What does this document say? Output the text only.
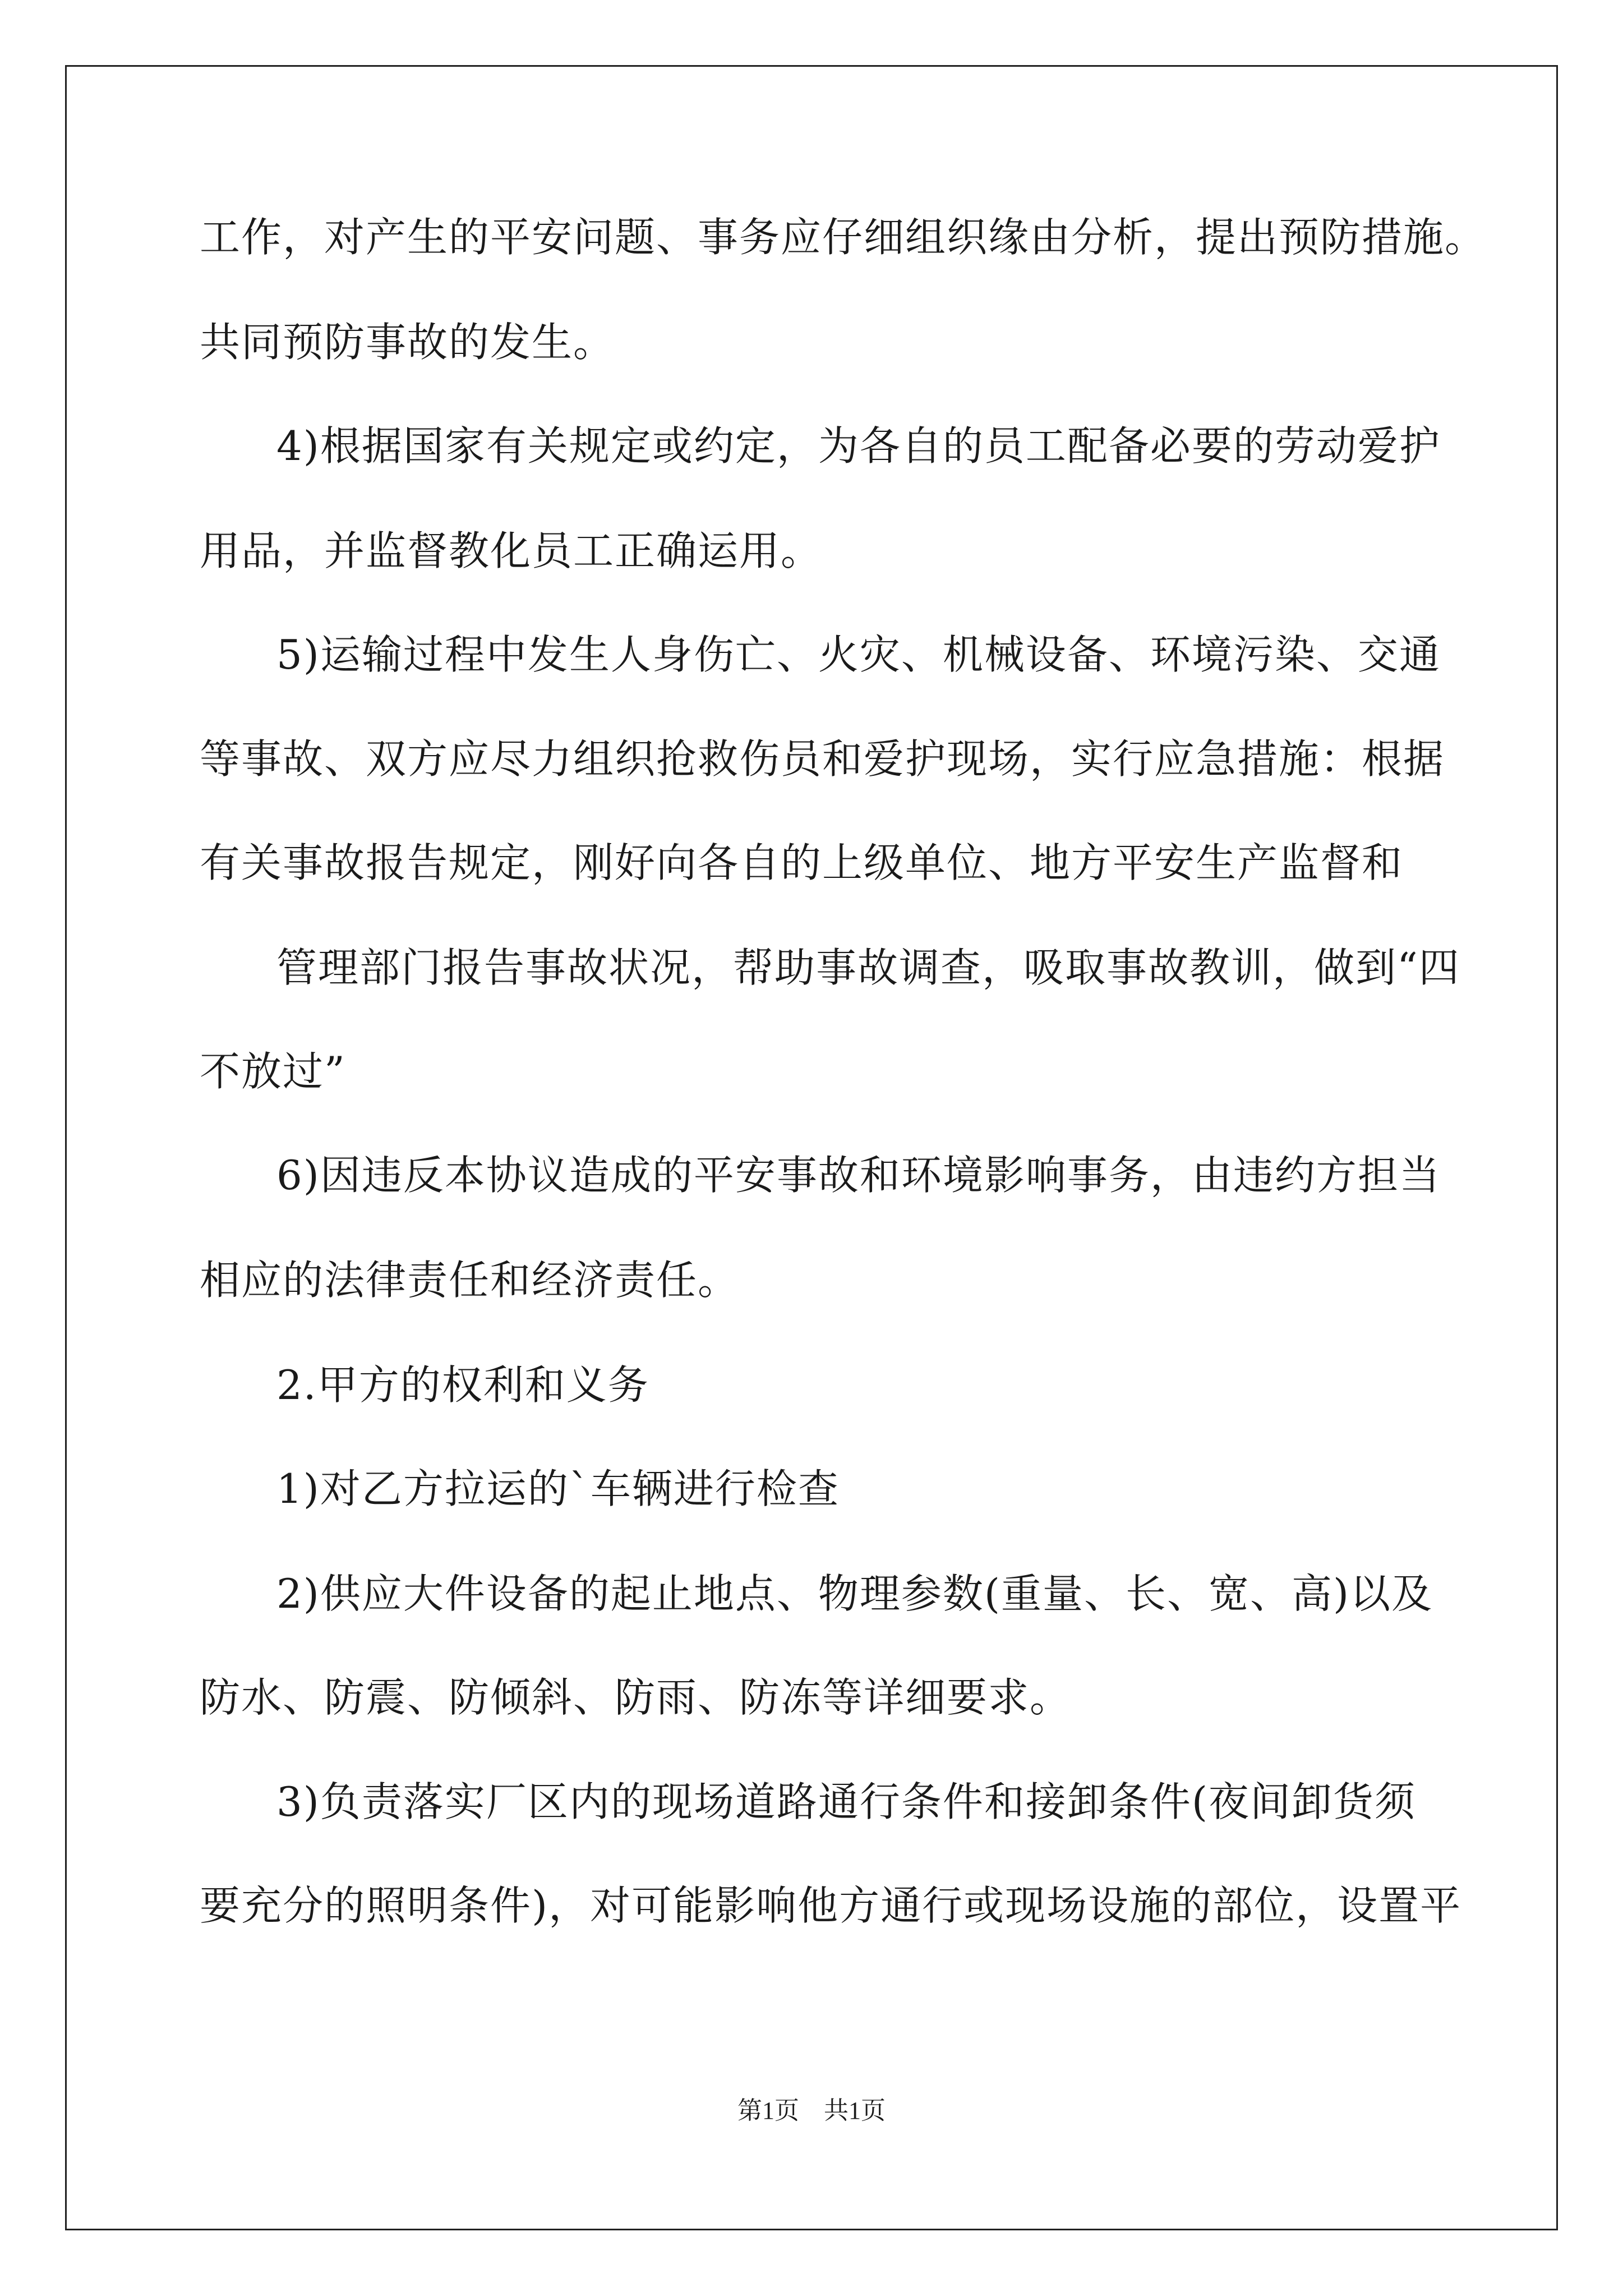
工作，对产生的平安问题、事务应仔细组织缘由分析，提出预防措施。
共同预防事故的发生。
4)根据国家有关规定或约定，为各自的员工配备必要的劳动爱护
用品，并监督教化员工正确运用。
5)运输过程中发生人身伤亡、火灾、机械设备、环境污染、交通
等事故、双方应尽力组织抢救伤员和爱护现场，实行应急措施：根据
有关事故报告规定，刚好向各自的上级单位、地方平安生产监督和
管理部门报告事故状况，帮助事故调查，吸取事故教训，做到“四
不放过”
6)因违反本协议造成的平安事故和环境影响事务，由违约方担当
相应的法律责任和经济责任。
2.甲方的权利和义务
1)对乙方拉运的`车辆进行检查
2)供应大件设备的起止地点、物理参数(重量、长、宽、高)以及
防水、防震、防倾斜、防雨、防冻等详细要求。
3)负责落实厂区内的现场道路通行条件和接卸条件(夜间卸货须
要充分的照明条件)，对可能影响他方通行或现场设施的部位，设置平
第1页　共1页
